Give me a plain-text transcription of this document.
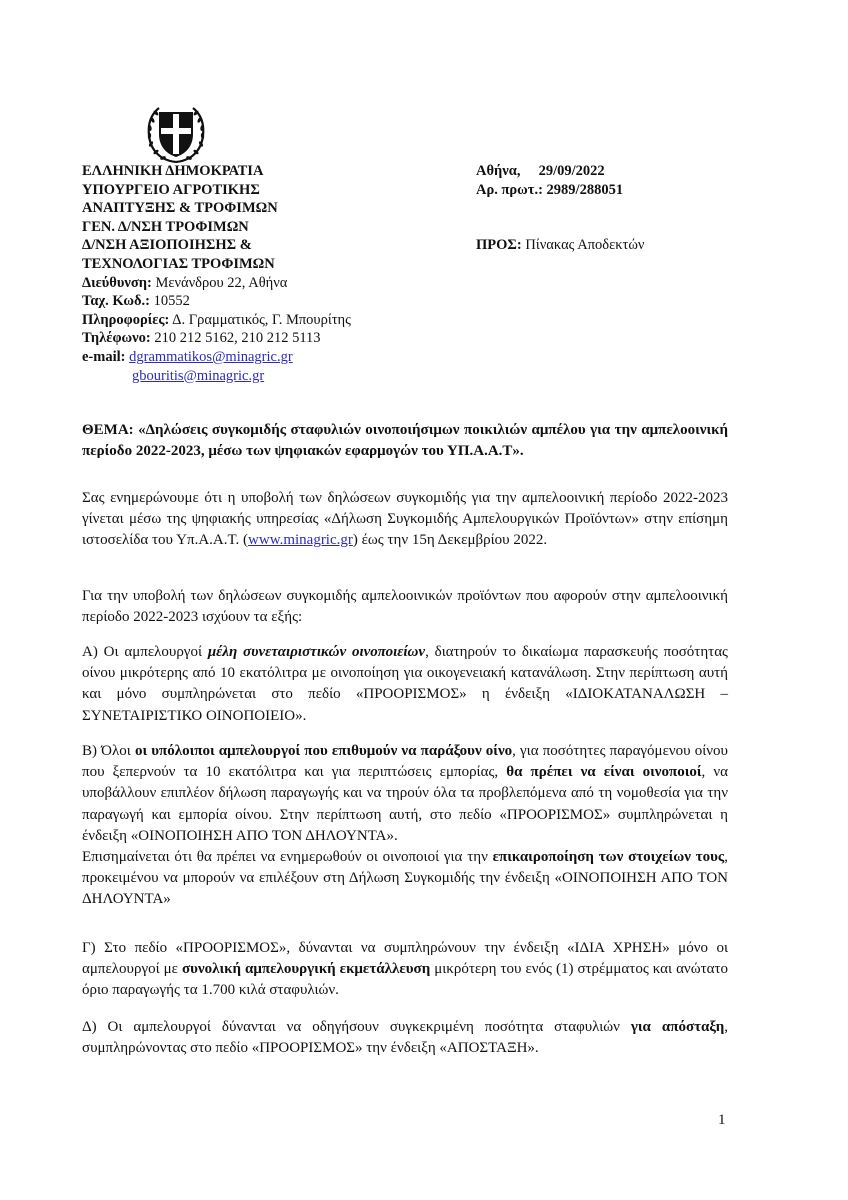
ΕΛΛΗΝΙΚΗ ΔΗΜΟΚΡΑΤΙΑ
ΥΠΟΥΡΓΕΙΟ ΑΓΡΟΤΙΚΗΣ
ΑΝΑΠΤΥΞΗΣ & ΤΡΟΦΙΜΩΝ
ΓΕΝ. Δ/ΝΣΗ ΤΡΟΦΙΜΩΝ
Δ/ΝΣΗ ΑΞΙΟΠΟΙΗΣΗΣ &
ΤΕΧΝΟΛΟΓΙΑΣ ΤΡΟΦΙΜΩΝ
Διεύθυνση: Μενάνδρου 22, Αθήνα
Ταχ. Κωδ.: 10552
Πληροφορίες: Δ. Γραμματικός, Γ. Μπουρίτης
Τηλέφωνο: 210 212 5162, 210 212 5113
e-mail: dgrammatikos@minagric.gr
gbouritis@minagric.gr
Αθήνα,     29/09/2022
Αρ. πρωτ.: 2989/288051
ΠΡΟΣ: Πίνακας Αποδεκτών
ΘΕΜΑ: «Δηλώσεις συγκομιδής σταφυλιών οινοποιήσιμων ποικιλιών αμπέλου για την αμπελοοινική περίοδο 2022-2023, μέσω των ψηφιακών εφαρμογών του ΥΠ.Α.Α.Τ».
Σας ενημερώνουμε ότι η υποβολή των δηλώσεων συγκομιδής για την αμπελοοινική περίοδο 2022-2023 γίνεται μέσω της ψηφιακής υπηρεσίας «Δήλωση Συγκομιδής Αμπελουργικών Προϊόντων» στην επίσημη ιστοσελίδα του Υπ.Α.Α.Τ. (www.minagric.gr) έως την 15η Δεκεμβρίου 2022.
Για την υποβολή των δηλώσεων συγκομιδής αμπελοοινικών προϊόντων που αφορούν στην αμπελοοινική περίοδο 2022-2023 ισχύουν τα εξής:
Α) Οι αμπελουργοί μέλη συνεταιριστικών οινοποιείων, διατηρούν το δικαίωμα παρασκευής ποσότητας οίνου μικρότερης από 10 εκατόλιτρα με οινοποίηση για οικογενειακή κατανάλωση. Στην περίπτωση αυτή και μόνο συμπληρώνεται στο πεδίο «ΠΡΟΟΡΙΣΜΟΣ» η ένδειξη «ΙΔΙΟΚΑΤΑΝΑΛΩΣΗ – ΣΥΝΕΤΑΙΡΙΣΤΙΚΟ ΟΙΝΟΠΟΙΕΙΟ».
Β) Όλοι οι υπόλοιποι αμπελουργοί που επιθυμούν να παράξουν οίνο, για ποσότητες παραγόμενου οίνου που ξεπερνούν τα 10 εκατόλιτρα και για περιπτώσεις εμπορίας, θα πρέπει να είναι οινοποιοί, να υποβάλλουν επιπλέον δήλωση παραγωγής και να τηρούν όλα τα προβλεπόμενα από τη νομοθεσία για την παραγωγή και εμπορία οίνου. Στην περίπτωση αυτή, στο πεδίο «ΠΡΟΟΡΙΣΜΟΣ» συμπληρώνεται η ένδειξη «ΟΙΝΟΠΟΙΗΣΗ ΑΠΟ ΤΟΝ ΔΗΛΟΥΝΤΑ».
Επισημαίνεται ότι θα πρέπει να ενημερωθούν οι οινοποιοί για την επικαιροποίηση των στοιχείων τους, προκειμένου να μπορούν να επιλέξουν στη Δήλωση Συγκομιδής την ένδειξη «ΟΙΝΟΠΟΙΗΣΗ ΑΠΟ ΤΟΝ ΔΗΛΟΥΝΤΑ»
Γ) Στο πεδίο «ΠΡΟΟΡΙΣΜΟΣ», δύνανται να συμπληρώνουν την ένδειξη «ΙΔΙΑ ΧΡΗΣΗ» μόνο οι αμπελουργοί με συνολική αμπελουργική εκμετάλλευση μικρότερη του ενός (1) στρέμματος και ανώτατο όριο παραγωγής τα 1.700 κιλά σταφυλιών.
Δ) Οι αμπελουργοί δύνανται να οδηγήσουν συγκεκριμένη ποσότητα σταφυλιών για απόσταξη, συμπληρώνοντας στο πεδίο «ΠΡΟΟΡΙΣΜΟΣ» την ένδειξη «ΑΠΟΣΤΑΞΗ».
1
